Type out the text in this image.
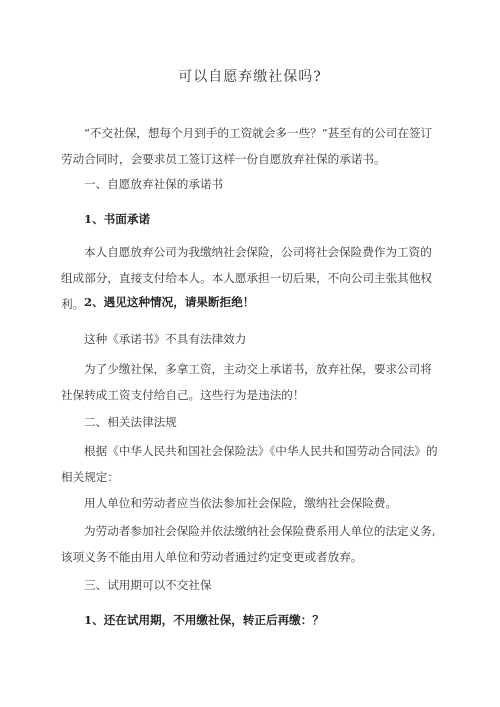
可以自愿弃缴社保吗?
“不交社保，想每个月到手的工资就会多一些？”甚至有的公司在签订劳动合同时，会要求员工签订这样一份自愿放弃社保的承诺书。
一、自愿放弃社保的承诺书
1、书面承诺
本人自愿放弃公司为我缴纳社会保险，公司将社会保险费作为工资的组成部分，直接支付给本人。本人愿承担一切后果，不向公司主张其他权利。 2、遇见这种情况，请果断拒绝！
这种《承诺书》不具有法律效力
为了少缴社保，多拿工资，主动交上承诺书，放弃社保，要求公司将社保转成工资支付给自己。这些行为是违法的！
二、相关法律法规
根据《中华人民共和国社会保险法》《中华人民共和国劳动合同法》的相关规定：
用人单位和劳动者应当依法参加社会保险，缴纳社会保险费。
为劳动者参加社会保险并依法缴纳社会保险费系用人单位的法定义务,该项义务不能由用人单位和劳动者通过约定变更或者放弃。
三、试用期可以不交社保
1、还在试用期，不用缴社保，转正后再缴：？
